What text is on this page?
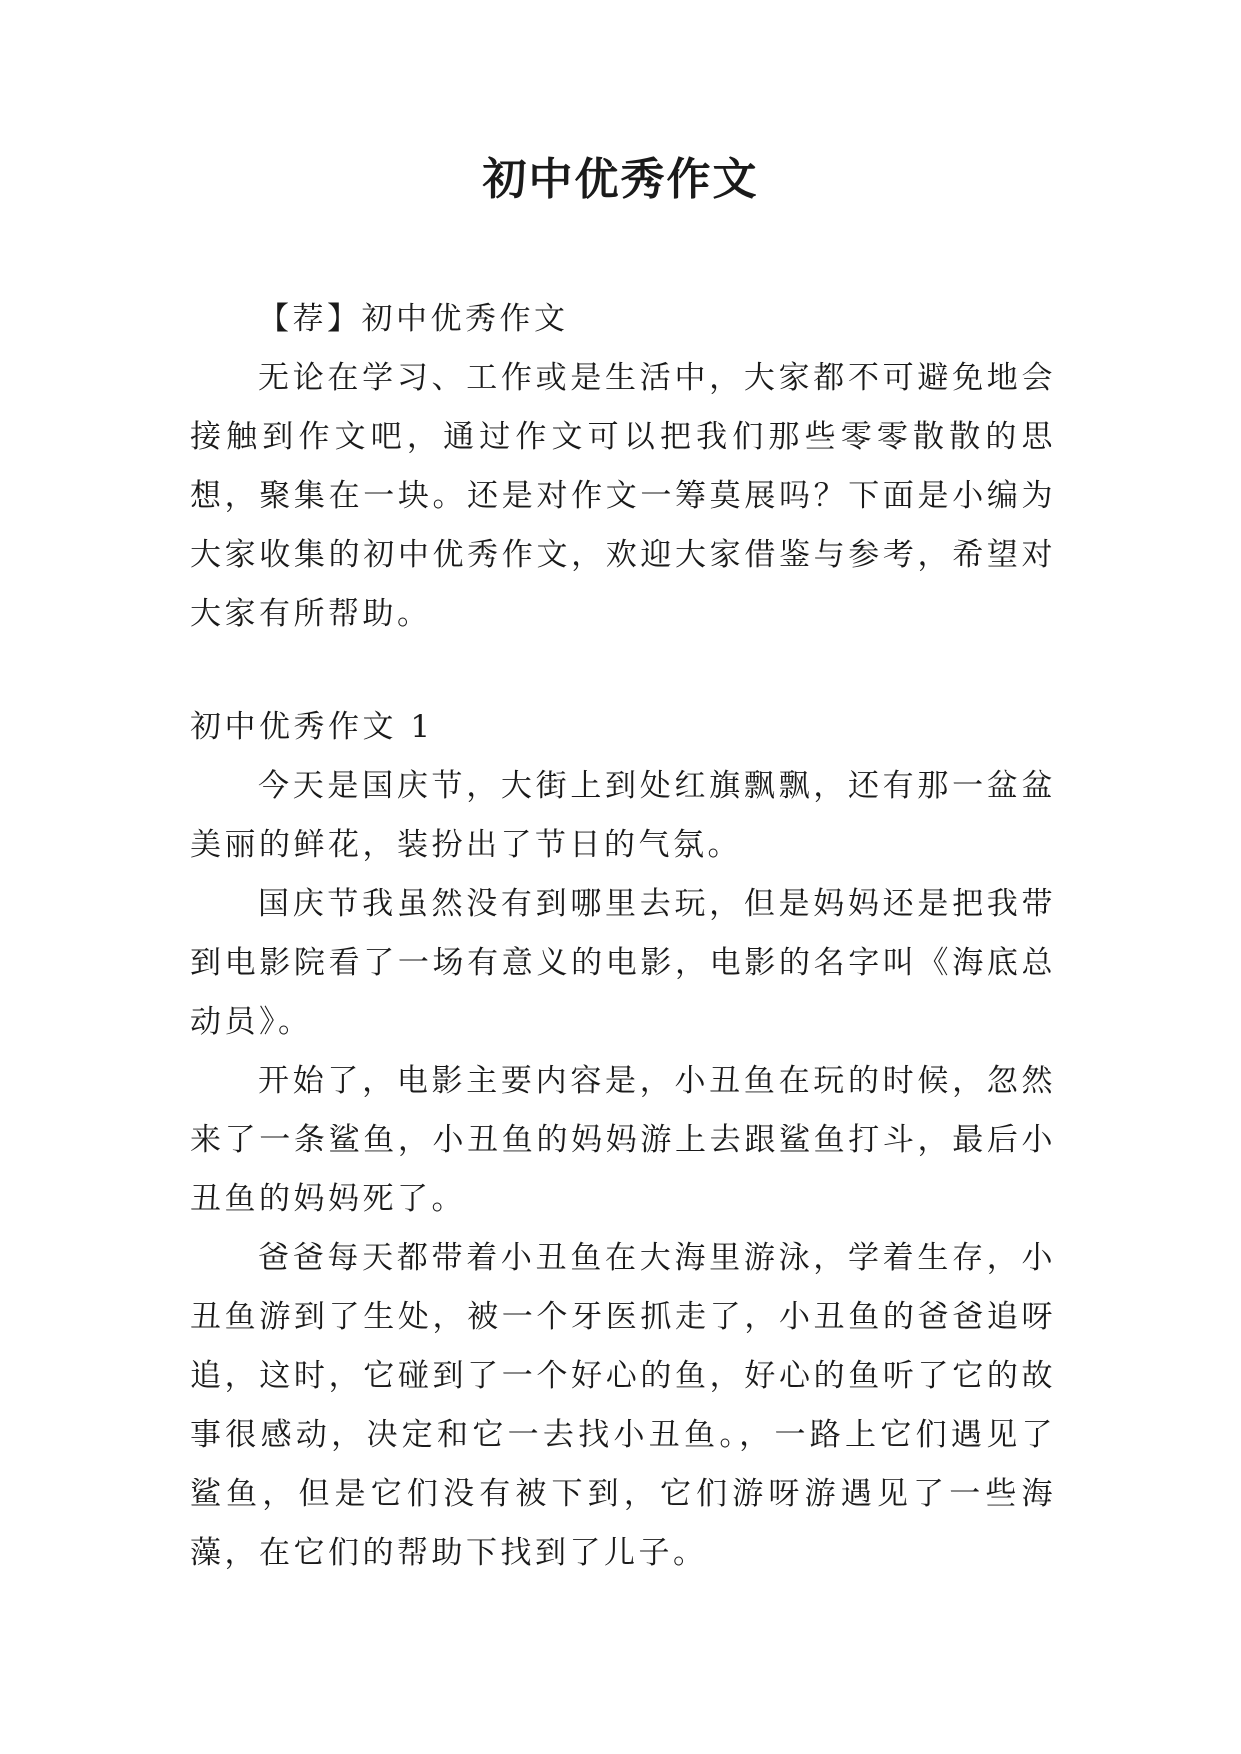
初中优秀作文

【荐】初中优秀作文

无论在学习、工作或是生活中，大家都不可避免地会接触到作文吧，通过作文可以把我们那些零零散散的思想，聚集在一块。还是对作文一筹莫展吗？下面是小编为大家收集的初中优秀作文，欢迎大家借鉴与参考，希望对大家有所帮助。

初中优秀作文 1

今天是国庆节，大街上到处红旗飘飘，还有那一盆盆美丽的鲜花，装扮出了节日的气氛。

国庆节我虽然没有到哪里去玩，但是妈妈还是把我带到电影院看了一场有意义的电影，电影的名字叫《海底总动员》。

开始了，电影主要内容是，小丑鱼在玩的时候，忽然来了一条鲨鱼，小丑鱼的妈妈游上去跟鲨鱼打斗，最后小丑鱼的妈妈死了。

爸爸每天都带着小丑鱼在大海里游泳，学着生存，小丑鱼游到了生处，被一个牙医抓走了，小丑鱼的爸爸追呀追，这时，它碰到了一个好心的鱼，好心的鱼听了它的故事很感动，决定和它一去找小丑鱼。，一路上它们遇见了鲨鱼，但是它们没有被下到，它们游呀游遇见了一些海藻，在它们的帮助下找到了儿子。
